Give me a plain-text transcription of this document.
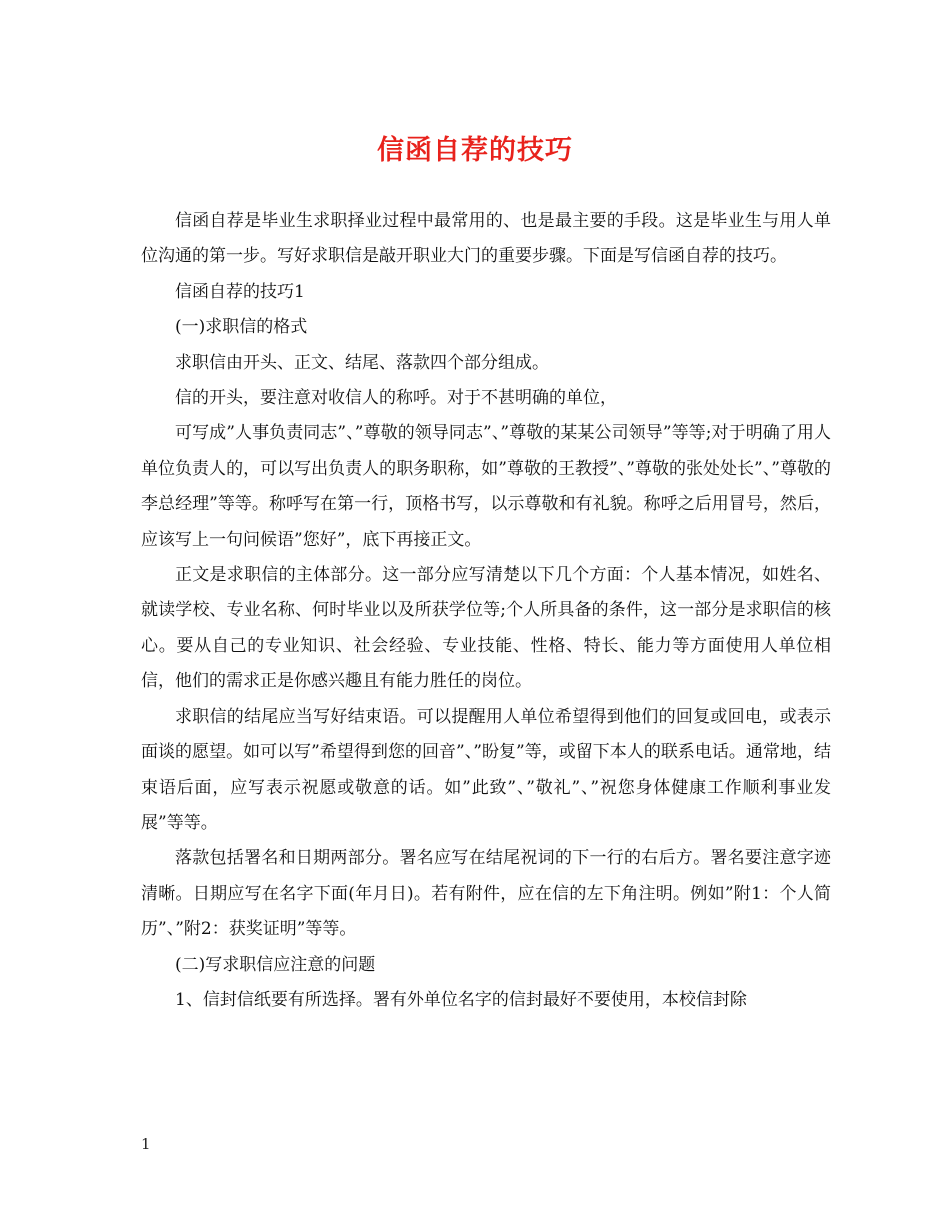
信函自荐的技巧

信函自荐是毕业生求职择业过程中最常用的、也是最主要的手段。这是毕业生与用人单位沟通的第一步。写好求职信是敲开职业大门的重要步骤。下面是写信函自荐的技巧。

信函自荐的技巧1

(一)求职信的格式

求职信由开头、正文、结尾、落款四个部分组成。

信的开头，要注意对收信人的称呼。对于不甚明确的单位，

可写成”人事负责同志”、”尊敬的领导同志”、”尊敬的某某公司领导”等等;对于明确了用人单位负责人的，可以写出负责人的职务职称，如”尊敬的王教授”、”尊敬的张处处长”、”尊敬的李总经理”等等。称呼写在第一行，顶格书写，以示尊敬和有礼貌。称呼之后用冒号，然后，应该写上一句问候语”您好”，底下再接正文。

正文是求职信的主体部分。这一部分应写清楚以下几个方面：个人基本情况，如姓名、就读学校、专业名称、何时毕业以及所获学位等;个人所具备的条件，这一部分是求职信的核心。要从自己的专业知识、社会经验、专业技能、性格、特长、能力等方面使用人单位相信，他们的需求正是你感兴趣且有能力胜任的岗位。

求职信的结尾应当写好结束语。可以提醒用人单位希望得到他们的回复或回电，或表示面谈的愿望。如可以写”希望得到您的回音”、”盼复”等，或留下本人的联系电话。通常地，结束语后面，应写表示祝愿或敬意的话。如”此致”、”敬礼”、”祝您身体健康工作顺利事业发展”等等。

落款包括署名和日期两部分。署名应写在结尾祝词的下一行的右后方。署名要注意字迹清晰。日期应写在名字下面(年月日)。若有附件，应在信的左下角注明。例如”附1：个人简历”、”附2：获奖证明”等等。

(二)写求职信应注意的问题

1、信封信纸要有所选择。署有外单位名字的信封最好不要使用，本校信封除

1
